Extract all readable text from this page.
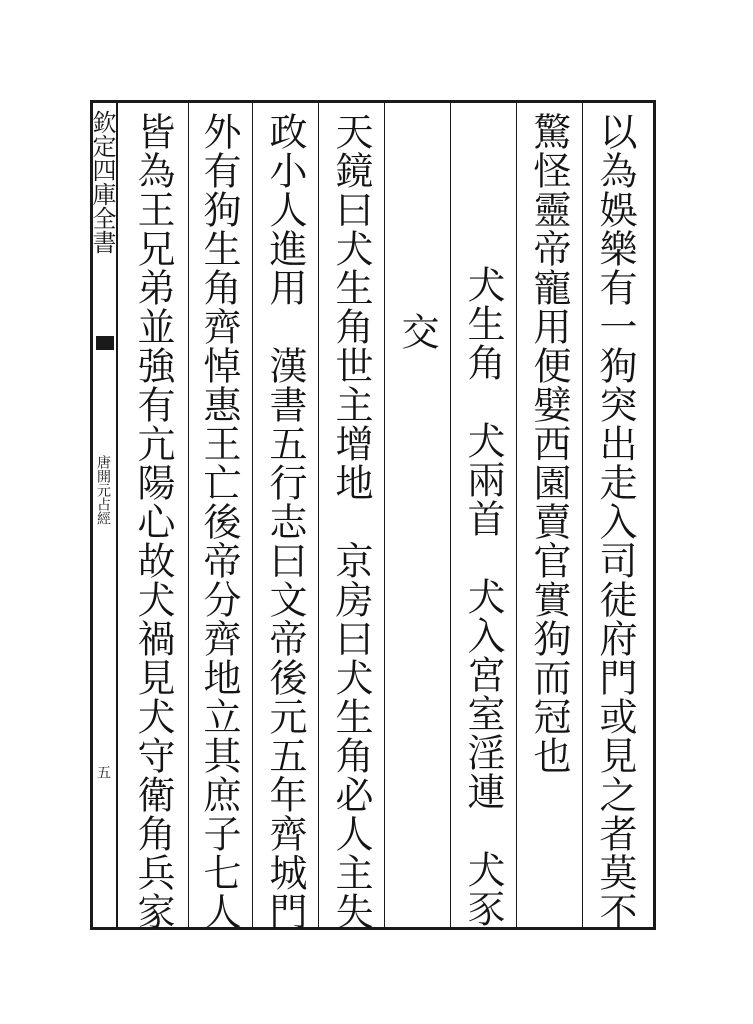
欽定四庫全書
唐開元占經
五	以為娛樂有一狗突出走入司徒府門或見之者莫不
驚怪靈帝寵用便嬖西園賣官實狗而冠也
犬生角　犬兩首　犬入宮室淫連　犬豕
交
天鏡曰犬生角世主增地　京房曰犬生角必人主失
政小人進用　漢書五行志曰文帝後元五年齊城門
外有狗生角齊悼惠王亡後帝分齊地立其庶子七人
皆為王兄弟並強有亢陽心故犬禍見犬守衛角兵家
